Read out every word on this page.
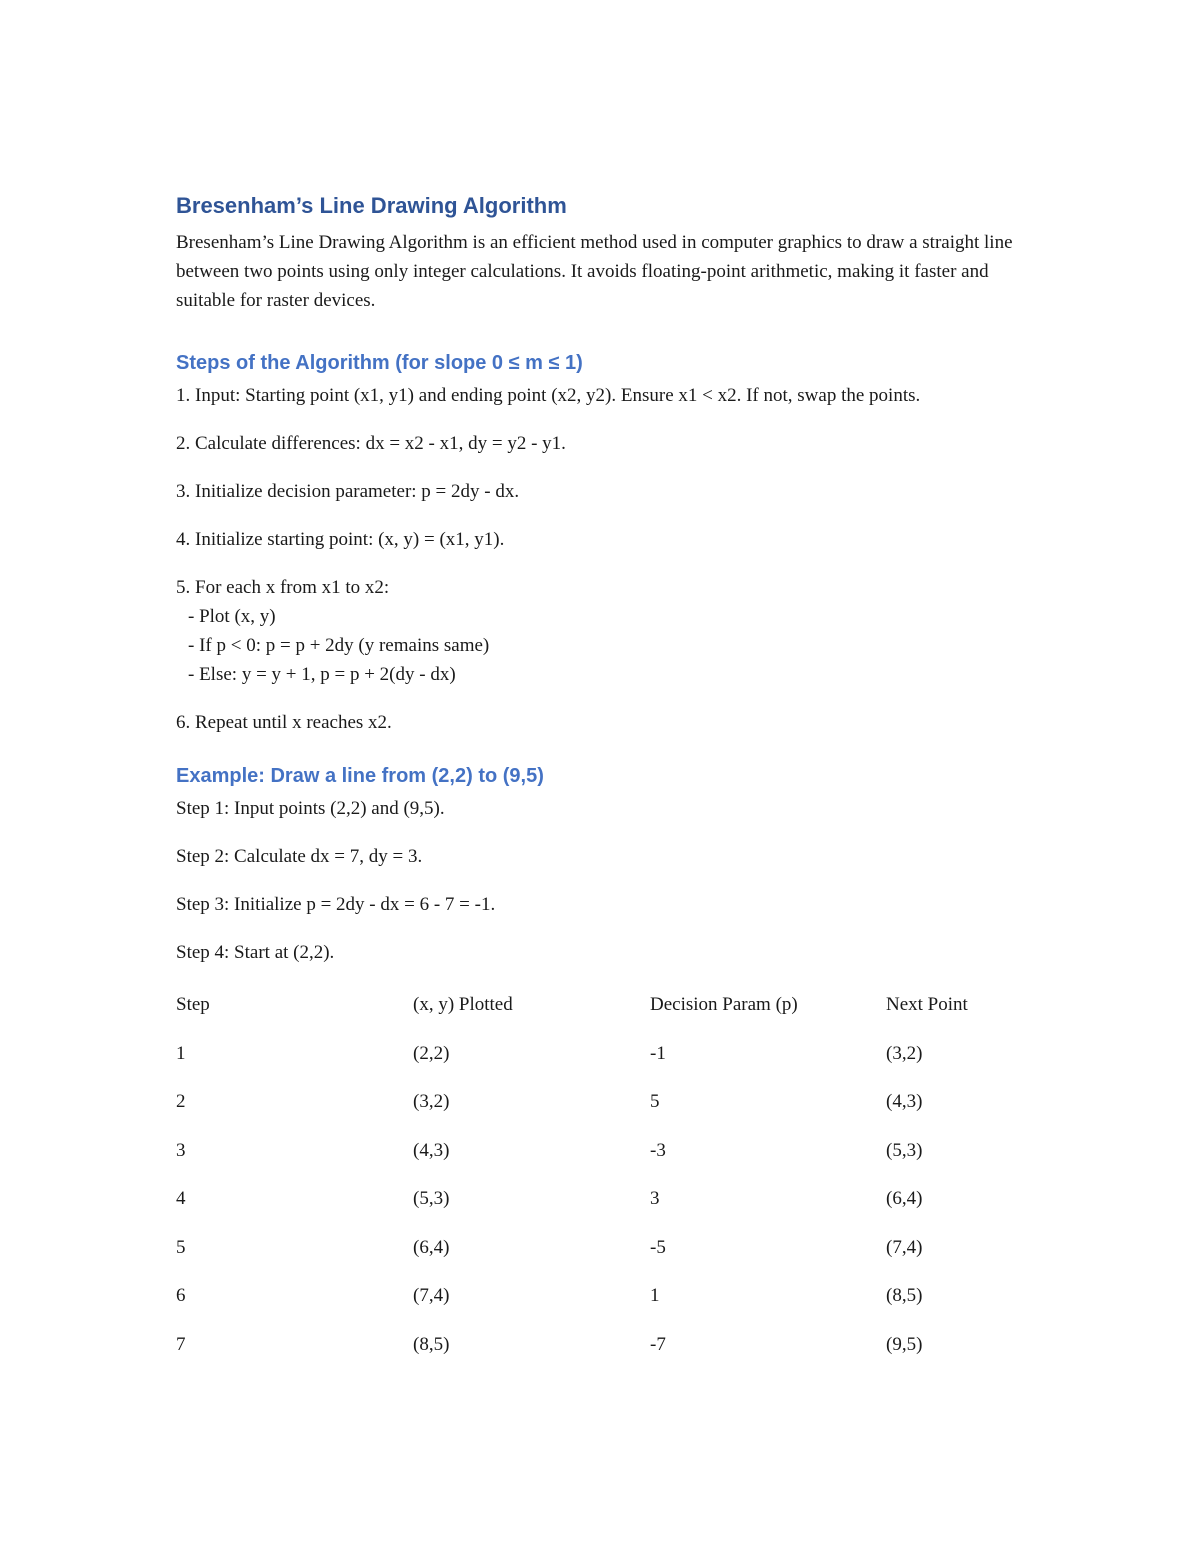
Bresenham’s Line Drawing Algorithm

Bresenham’s Line Drawing Algorithm is an efficient method used in computer graphics to draw a straight line between two points using only integer calculations. It avoids floating-point arithmetic, making it faster and suitable for raster devices.

Steps of the Algorithm (for slope 0 ≤ m ≤ 1)

1. Input: Starting point (x1, y1) and ending point (x2, y2). Ensure x1 < x2. If not, swap the points.

2. Calculate differences: dx = x2 - x1, dy = y2 - y1.

3. Initialize decision parameter: p = 2dy - dx.

4. Initialize starting point: (x, y) = (x1, y1).

5. For each x from x1 to x2:

- Plot (x, y)

- If p < 0: p = p + 2dy (y remains same)

- Else: y = y + 1, p = p + 2(dy - dx)

6. Repeat until x reaches x2.

Example: Draw a line from (2,2) to (9,5)

Step 1: Input points (2,2) and (9,5).

Step 2: Calculate dx = 7, dy = 3.

Step 3: Initialize p = 2dy - dx = 6 - 7 = -1.

Step 4: Start at (2,2).

Step	(x, y) Plotted	Decision Param (p)	Next Point
1	(2,2)	-1	(3,2)
2	(3,2)	5	(4,3)
3	(4,3)	-3	(5,3)
4	(5,3)	3	(6,4)
5	(6,4)	-5	(7,4)
6	(7,4)	1	(8,5)
7	(8,5)	-7	(9,5)
